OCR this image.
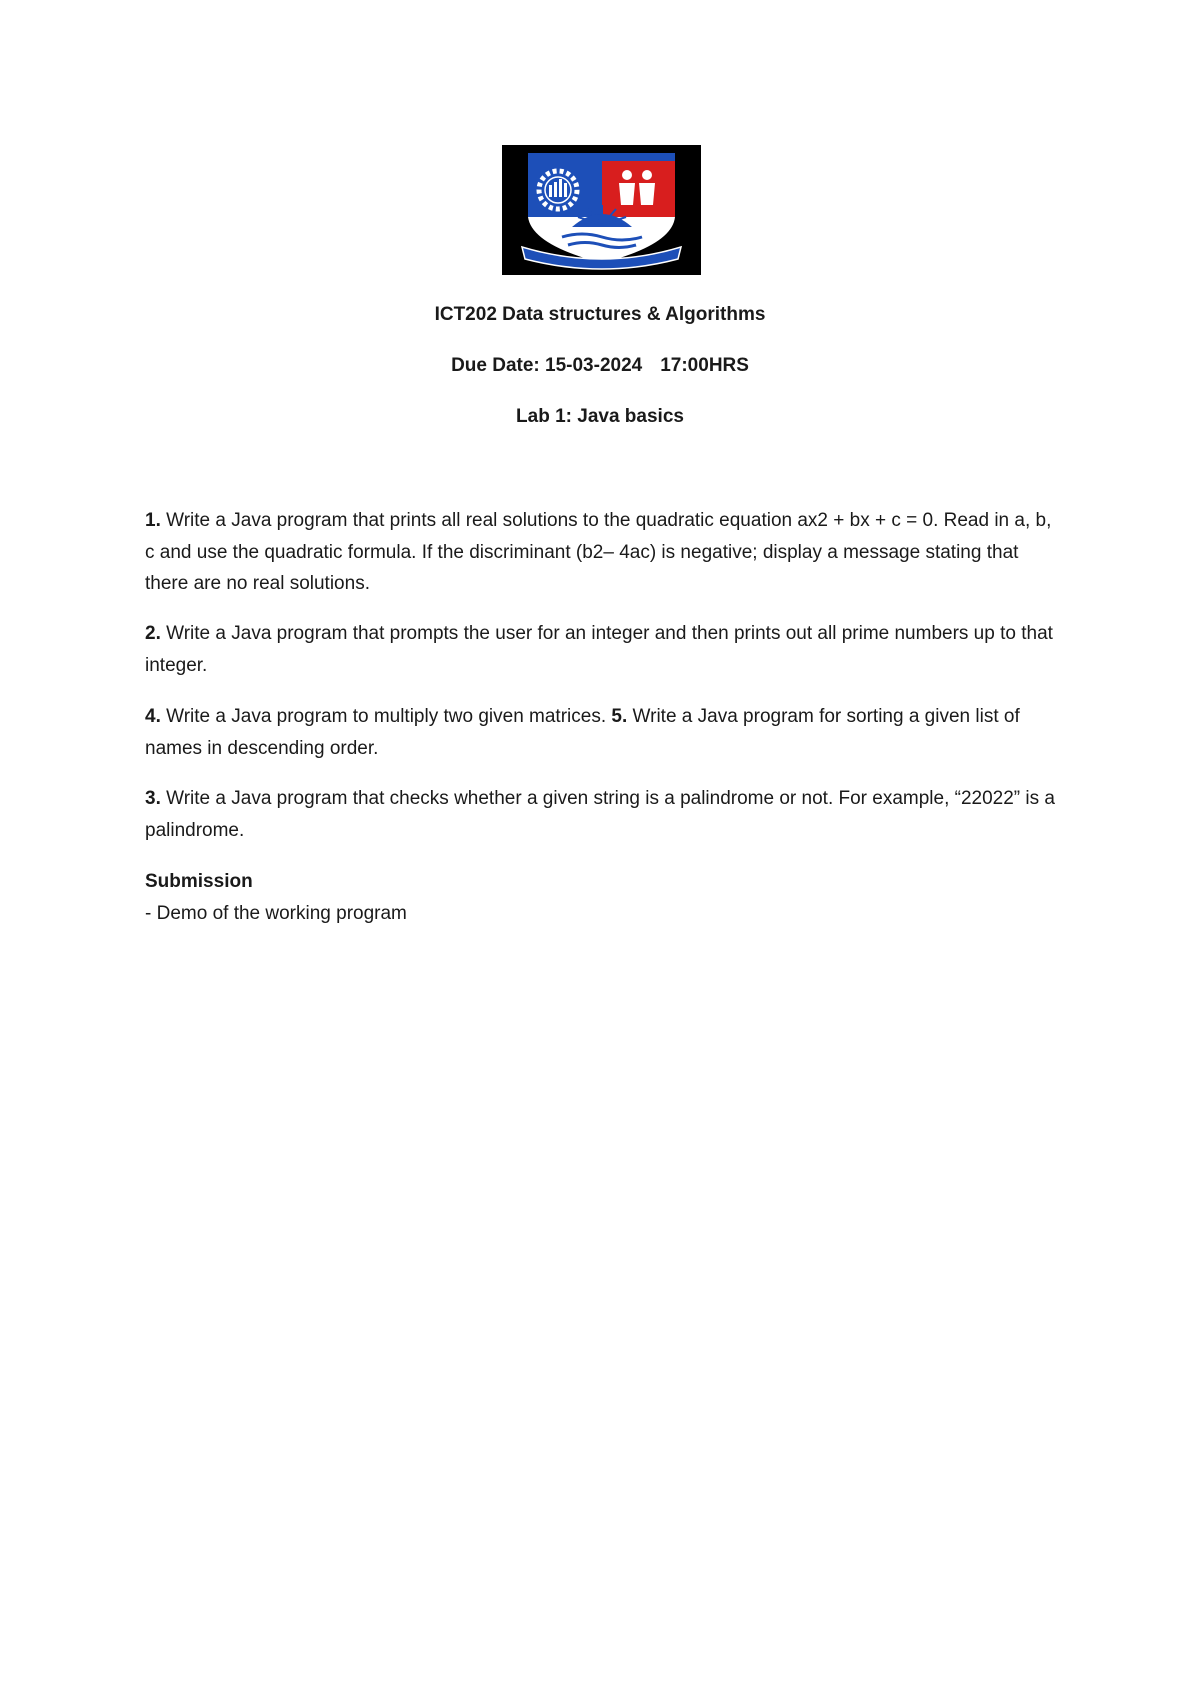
ICT202 Data structures & Algorithms
Due Date: 15-03-2024 17:00HRS
Lab 1: Java basics
1. Write a Java program that prints all real solutions to the quadratic equation ax2 + bx + c = 0. Read in a, b, c and use the quadratic formula. If the discriminant (b2– 4ac) is negative; display a message stating that there are no real solutions.
2. Write a Java program that prompts the user for an integer and then prints out all prime numbers up to that integer.
4. Write a Java program to multiply two given matrices. 5. Write a Java program for sorting a given list of names in descending order.
3. Write a Java program that checks whether a given string is a palindrome or not. For example, “22022” is a palindrome.
Submission
- Demo of the working program
